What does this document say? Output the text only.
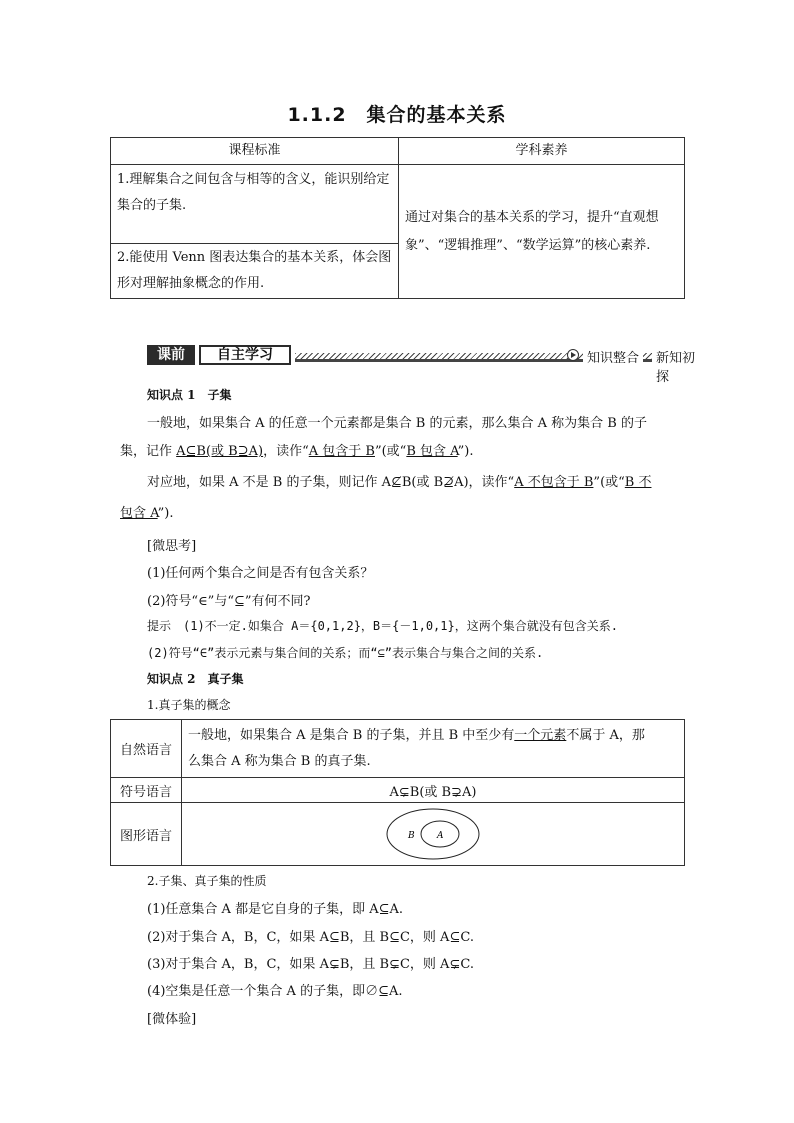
1.1.2　集合的基本关系
课程标准	学科素养
1.理解集合之间包含与相等的含义，能识别给定集合的子集.	通过对集合的基本关系的学习，提升“直观想象”、“逻辑推理”、“数学运算”的核心素养.
2.能使用 Venn 图表达集合的基本关系，体会图形对理解抽象概念的作用.	
课前	自主学习	知识整合	新知初探
知识点 1　子集
一般地，如果集合 A 的任意一个元素都是集合 B 的元素，那么集合 A 称为集合 B 的子
集，记作 A⊆B(或 B⊇A)，读作“A 包含于 B”(或“B 包含 A”).
对应地，如果 A 不是 B 的子集，则记作 A⊈B(或 B⊉A)，读作“A 不包含于 B”(或“B 不
包含 A”).
[微思考]
(1)任何两个集合之间是否有包含关系？
(2)符号“∈”与“⊆”有何不同?
提示　(1)不一定.如集合 A＝{0,1,2}，B＝{－1,0,1}，这两个集合就没有包含关系.
(2)符号“∈”表示元素与集合间的关系；而“⊆”表示集合与集合之间的关系.
知识点 2　真子集
1.真子集的概念
自然语言	一般地，如果集合 A 是集合 B 的子集，并且 B 中至少有一个元素不属于 A，那
么集合 A 称为集合 B 的真子集.
符号语言	A⊊B(或 B⊋A)
图形语言	B A
2.子集、真子集的性质
(1)任意集合 A 都是它自身的子集，即 A⊆A.
(2)对于集合 A，B，C，如果 A⊆B，且 B⊆C，则 A⊆C.
(3)对于集合 A，B，C，如果 A⊊B，且 B⊊C，则 A⊊C.
(4)空集是任意一个集合 A 的子集，即∅⊆A.
[微体验]
